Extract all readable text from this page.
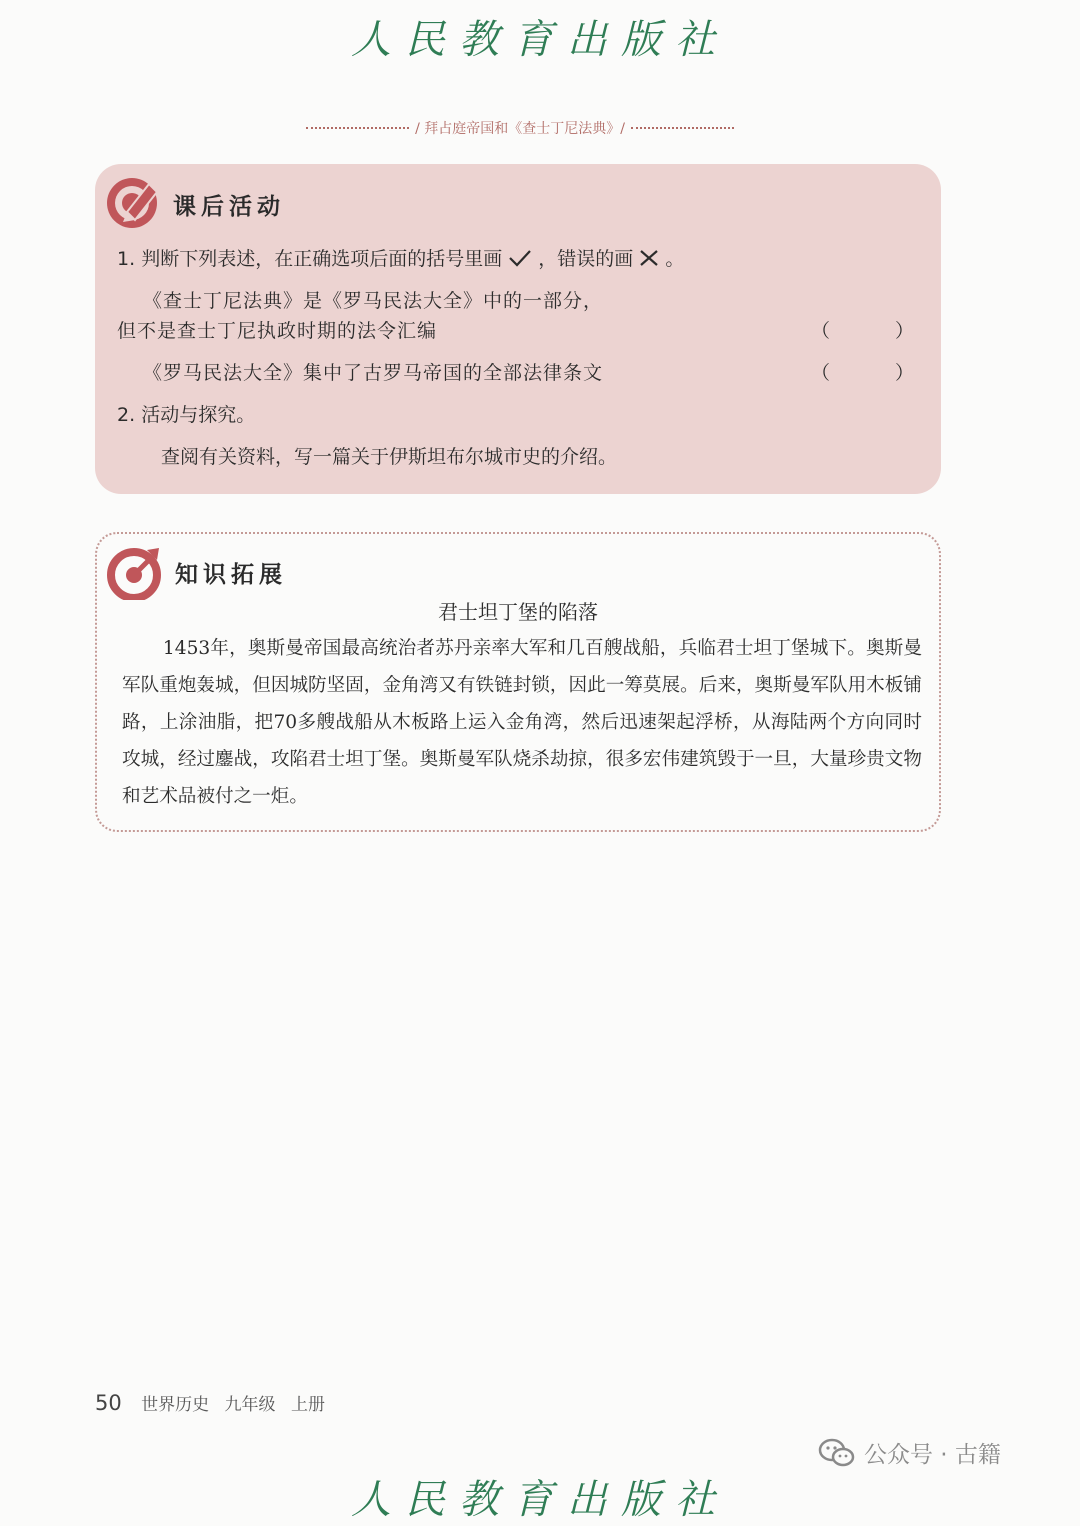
人民教育出版社
/ 拜占庭帝国和《查士丁尼法典》/
课后活动
1. 判断下列表述，在正确选项后面的括号里画 ，错误的画 。
《查士丁尼法典》是《罗马民法大全》中的一部分，
但不是查士丁尼执政时期的法令汇编	（	）
《罗马民法大全》集中了古罗马帝国的全部法律条文	（	）
2. 活动与探究。
查阅有关资料，写一篇关于伊斯坦布尔城市史的介绍。
知识拓展
君士坦丁堡的陷落
1453年，奥斯曼帝国最高统治者苏丹亲率大军和几百艘战船，兵临君士坦丁堡城下。奥斯曼军队重炮轰城，但因城防坚固，金角湾又有铁链封锁，因此一筹莫展。后来，奥斯曼军队用木板铺路，上涂油脂，把70多艘战船从木板路上运入金角湾，然后迅速架起浮桥，从海陆两个方向同时攻城，经过鏖战，攻陷君士坦丁堡。奥斯曼军队烧杀劫掠，很多宏伟建筑毁于一旦，大量珍贵文物和艺术品被付之一炬。
50 世界历史 九年级 上册
人民教育出版社
公众号 · 古籍
